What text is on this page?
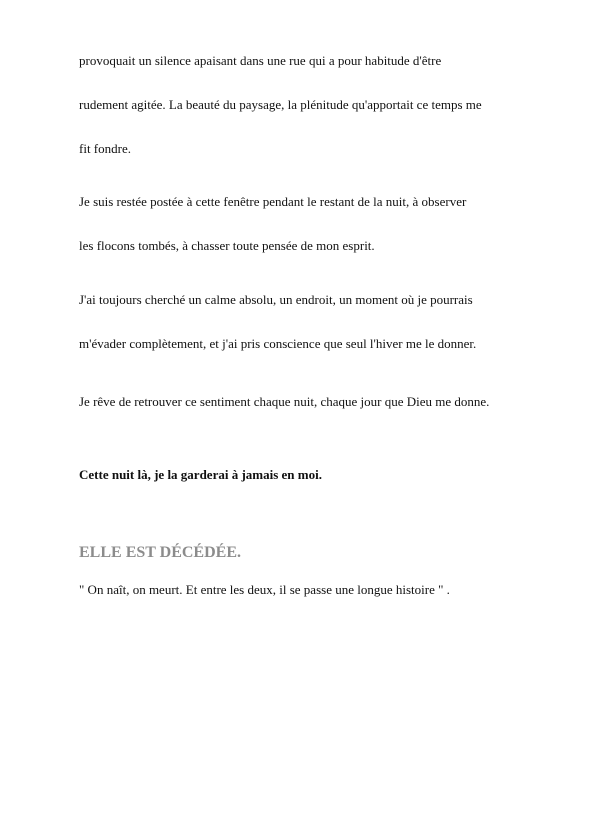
provoquait un silence apaisant dans une rue qui a pour habitude d'être
rudement agitée. La beauté du paysage, la plénitude qu'apportait ce temps me
fit fondre.
Je suis restée postée à cette fenêtre pendant le restant de la nuit, à observer
les flocons tombés, à chasser toute pensée de mon esprit.
J'ai toujours cherché un calme absolu, un endroit, un moment où je pourrais
m'évader complètement, et j'ai pris conscience que seul l'hiver me le donner.
Je rêve de retrouver ce sentiment chaque nuit, chaque jour que Dieu me donne.
Cette nuit là, je la garderai à jamais en moi.
ELLE EST DÉCÉDÉE.
" On naît, on meurt. Et entre les deux, il se passe une longue histoire " .
